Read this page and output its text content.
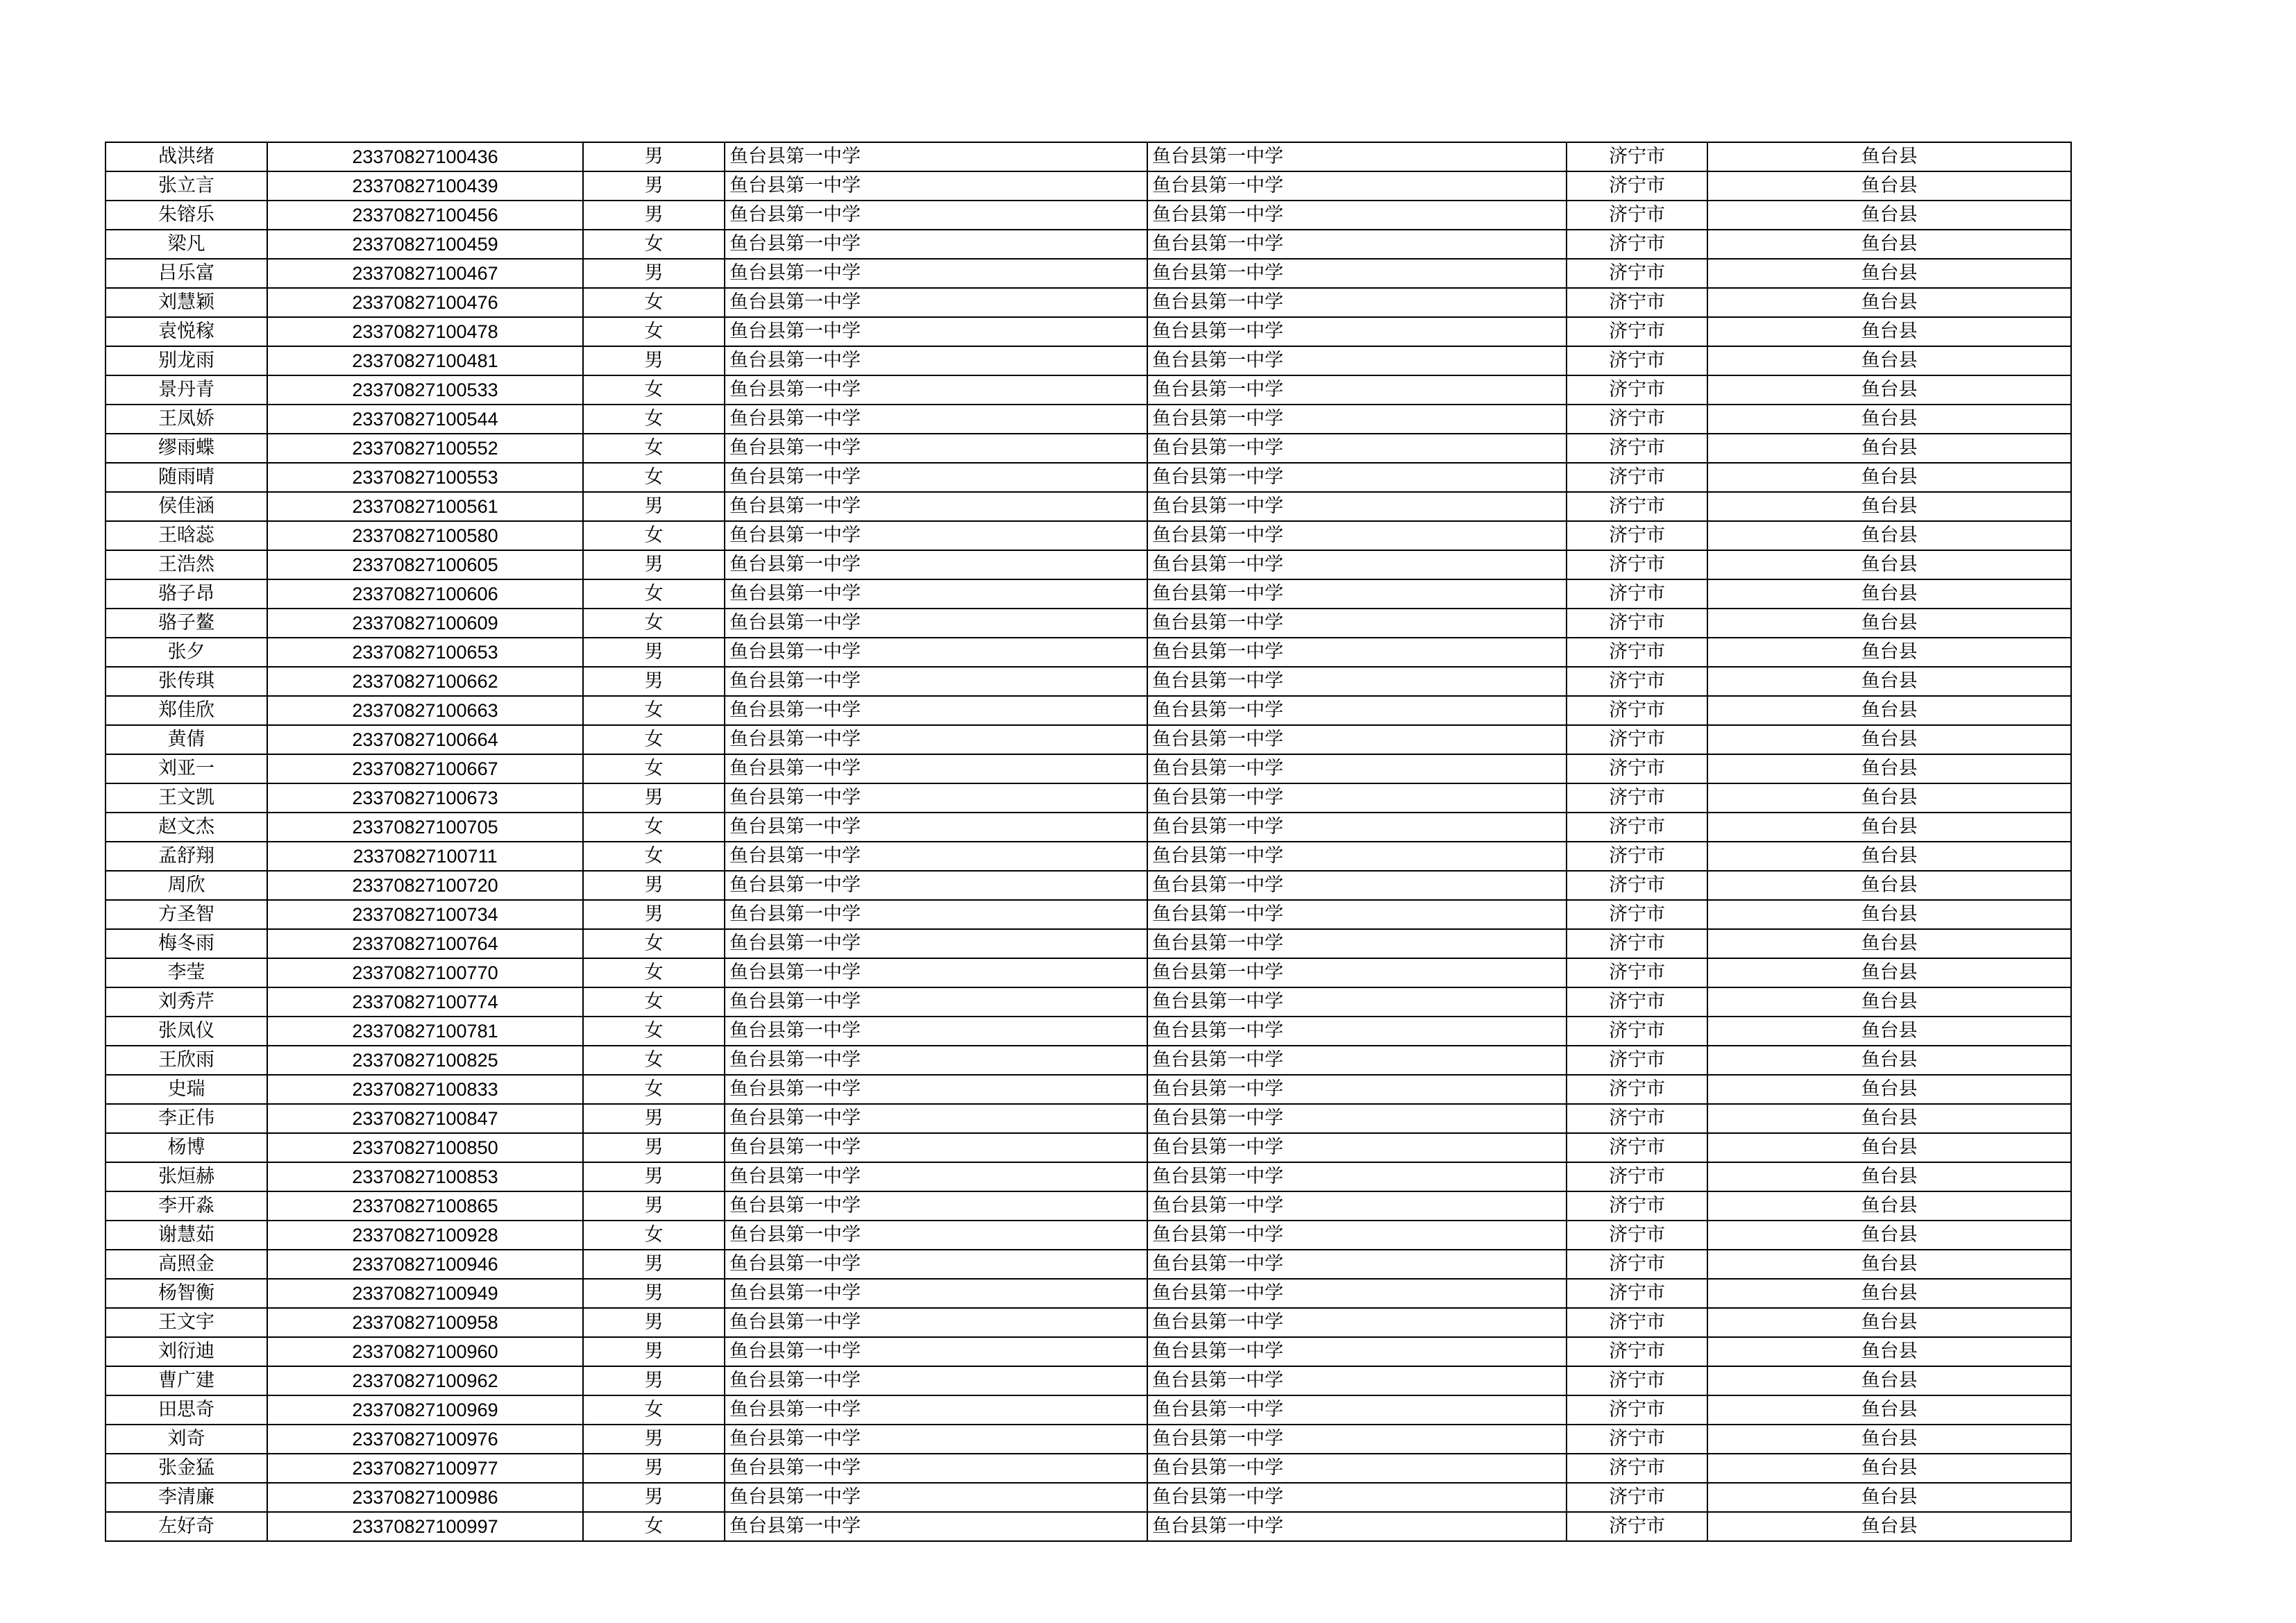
战洪绪	23370827100436	男	鱼台县第一中学	鱼台县第一中学	济宁市	鱼台县
张立言	23370827100439	男	鱼台县第一中学	鱼台县第一中学	济宁市	鱼台县
朱镕乐	23370827100456	男	鱼台县第一中学	鱼台县第一中学	济宁市	鱼台县
梁凡	23370827100459	女	鱼台县第一中学	鱼台县第一中学	济宁市	鱼台县
吕乐富	23370827100467	男	鱼台县第一中学	鱼台县第一中学	济宁市	鱼台县
刘慧颖	23370827100476	女	鱼台县第一中学	鱼台县第一中学	济宁市	鱼台县
袁悦稼	23370827100478	女	鱼台县第一中学	鱼台县第一中学	济宁市	鱼台县
别龙雨	23370827100481	男	鱼台县第一中学	鱼台县第一中学	济宁市	鱼台县
景丹青	23370827100533	女	鱼台县第一中学	鱼台县第一中学	济宁市	鱼台县
王凤娇	23370827100544	女	鱼台县第一中学	鱼台县第一中学	济宁市	鱼台县
缪雨蝶	23370827100552	女	鱼台县第一中学	鱼台县第一中学	济宁市	鱼台县
随雨晴	23370827100553	女	鱼台县第一中学	鱼台县第一中学	济宁市	鱼台县
侯佳涵	23370827100561	男	鱼台县第一中学	鱼台县第一中学	济宁市	鱼台县
王晗蕊	23370827100580	女	鱼台县第一中学	鱼台县第一中学	济宁市	鱼台县
王浩然	23370827100605	男	鱼台县第一中学	鱼台县第一中学	济宁市	鱼台县
骆子昂	23370827100606	女	鱼台县第一中学	鱼台县第一中学	济宁市	鱼台县
骆子鳌	23370827100609	女	鱼台县第一中学	鱼台县第一中学	济宁市	鱼台县
张夕	23370827100653	男	鱼台县第一中学	鱼台县第一中学	济宁市	鱼台县
张传琪	23370827100662	男	鱼台县第一中学	鱼台县第一中学	济宁市	鱼台县
郑佳欣	23370827100663	女	鱼台县第一中学	鱼台县第一中学	济宁市	鱼台县
黄倩	23370827100664	女	鱼台县第一中学	鱼台县第一中学	济宁市	鱼台县
刘亚一	23370827100667	女	鱼台县第一中学	鱼台县第一中学	济宁市	鱼台县
王文凯	23370827100673	男	鱼台县第一中学	鱼台县第一中学	济宁市	鱼台县
赵文杰	23370827100705	女	鱼台县第一中学	鱼台县第一中学	济宁市	鱼台县
孟舒翔	23370827100711	女	鱼台县第一中学	鱼台县第一中学	济宁市	鱼台县
周欣	23370827100720	男	鱼台县第一中学	鱼台县第一中学	济宁市	鱼台县
方圣智	23370827100734	男	鱼台县第一中学	鱼台县第一中学	济宁市	鱼台县
梅冬雨	23370827100764	女	鱼台县第一中学	鱼台县第一中学	济宁市	鱼台县
李莹	23370827100770	女	鱼台县第一中学	鱼台县第一中学	济宁市	鱼台县
刘秀芹	23370827100774	女	鱼台县第一中学	鱼台县第一中学	济宁市	鱼台县
张凤仪	23370827100781	女	鱼台县第一中学	鱼台县第一中学	济宁市	鱼台县
王欣雨	23370827100825	女	鱼台县第一中学	鱼台县第一中学	济宁市	鱼台县
史瑞	23370827100833	女	鱼台县第一中学	鱼台县第一中学	济宁市	鱼台县
李正伟	23370827100847	男	鱼台县第一中学	鱼台县第一中学	济宁市	鱼台县
杨博	23370827100850	男	鱼台县第一中学	鱼台县第一中学	济宁市	鱼台县
张烜赫	23370827100853	男	鱼台县第一中学	鱼台县第一中学	济宁市	鱼台县
李开淼	23370827100865	男	鱼台县第一中学	鱼台县第一中学	济宁市	鱼台县
谢慧茹	23370827100928	女	鱼台县第一中学	鱼台县第一中学	济宁市	鱼台县
高照金	23370827100946	男	鱼台县第一中学	鱼台县第一中学	济宁市	鱼台县
杨智衡	23370827100949	男	鱼台县第一中学	鱼台县第一中学	济宁市	鱼台县
王文宇	23370827100958	男	鱼台县第一中学	鱼台县第一中学	济宁市	鱼台县
刘衍迪	23370827100960	男	鱼台县第一中学	鱼台县第一中学	济宁市	鱼台县
曹广建	23370827100962	男	鱼台县第一中学	鱼台县第一中学	济宁市	鱼台县
田思奇	23370827100969	女	鱼台县第一中学	鱼台县第一中学	济宁市	鱼台县
刘奇	23370827100976	男	鱼台县第一中学	鱼台县第一中学	济宁市	鱼台县
张金猛	23370827100977	男	鱼台县第一中学	鱼台县第一中学	济宁市	鱼台县
李清廉	23370827100986	男	鱼台县第一中学	鱼台县第一中学	济宁市	鱼台县
左好奇	23370827100997	女	鱼台县第一中学	鱼台县第一中学	济宁市	鱼台县
